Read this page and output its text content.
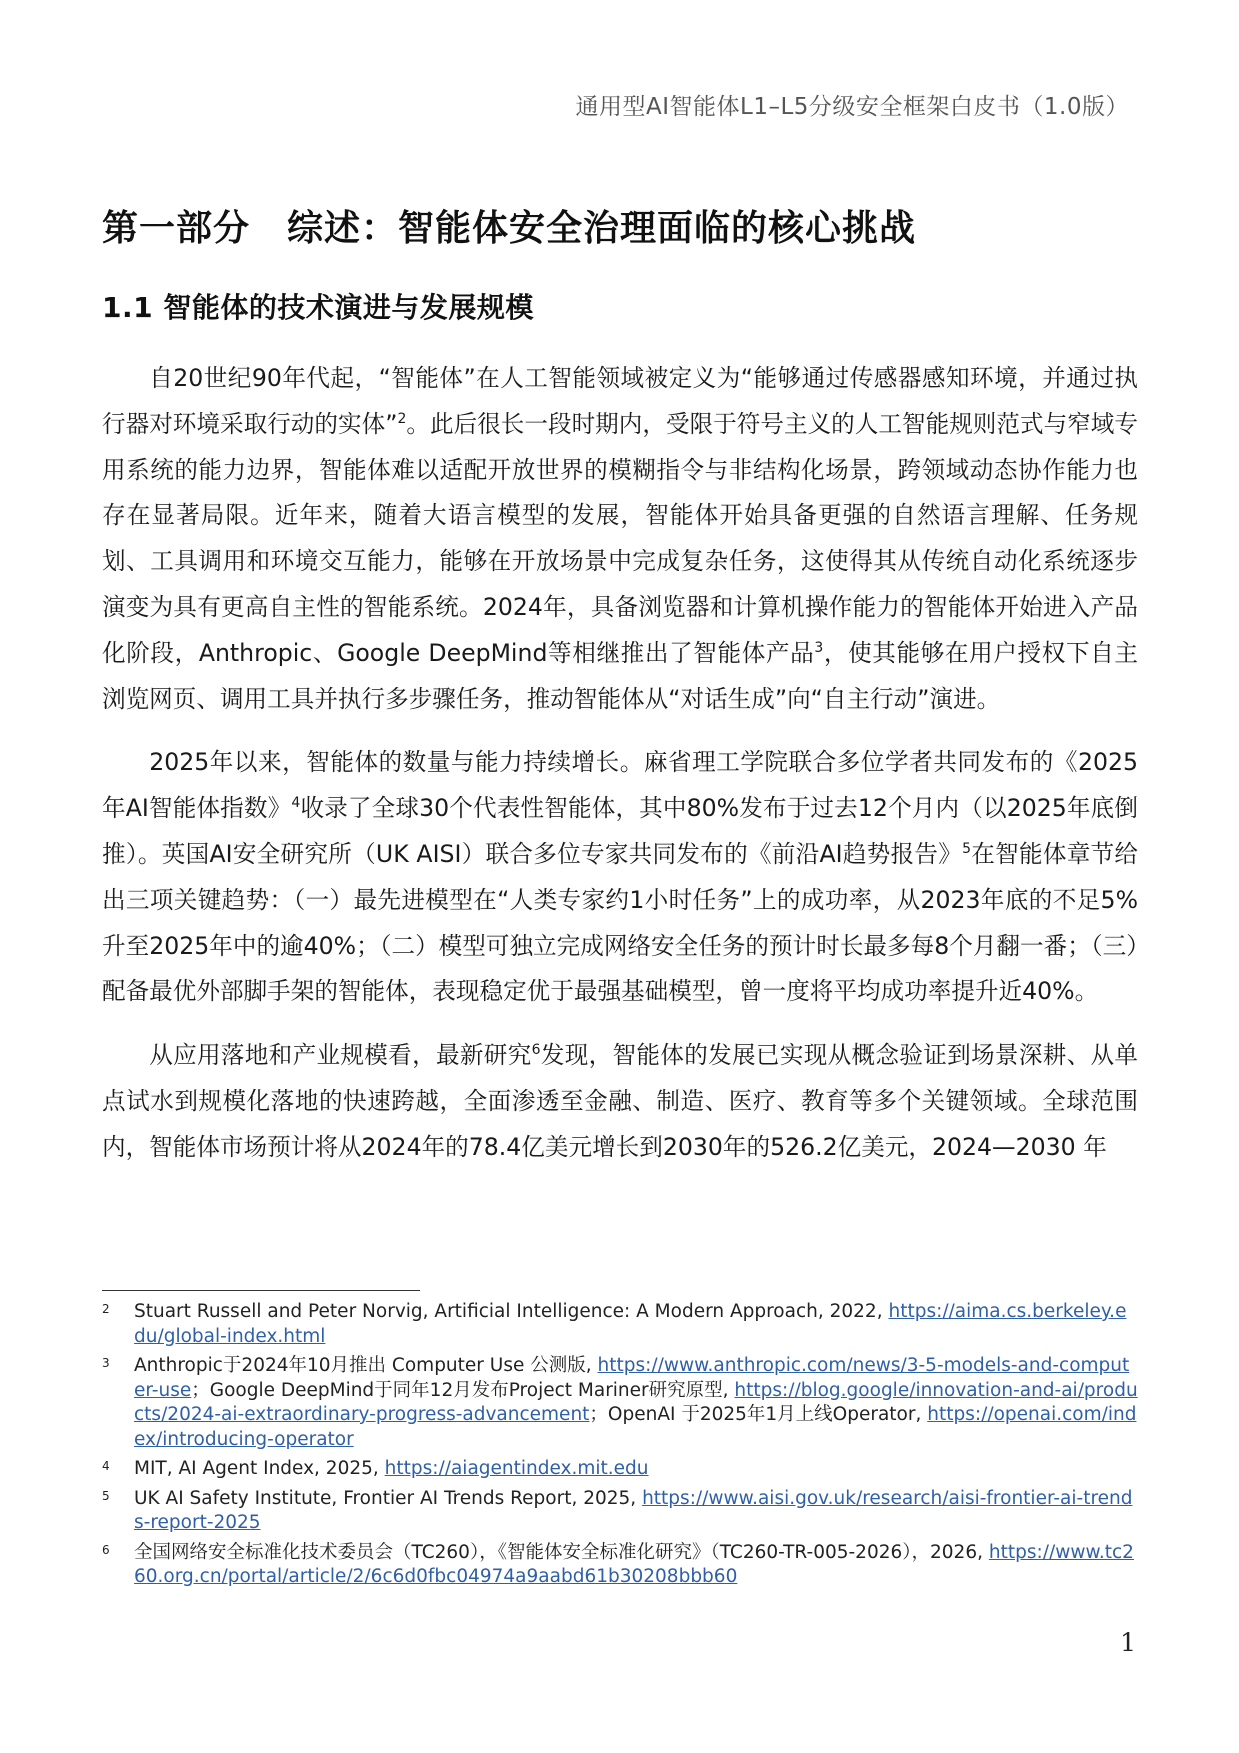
通用型AI智能体L1–L5分级安全框架白皮书（1.0版）
第一部分　综述：智能体安全治理面临的核心挑战
1.1 智能体的技术演进与发展规模

自20世纪90年代起，“智能体”在人工智能领域被定义为“能够通过传感器感知环境，并通过执行器对环境采取行动的实体”$^2$。此后很长一段时期内，受限于符号主义的人工智能规则范式与窄域专用系统的能力边界，智能体难以适配开放世界的模糊指令与非结构化场景，跨领域动态协作能力也存在显著局限。近年来，随着大语言模型的发展，智能体开始具备更强的自然语言理解、任务规划、工具调用和环境交互能力，能够在开放场景中完成复杂任务，这使得其从传统自动化系统逐步演变为具有更高自主性的智能系统。2024年，具备浏览器和计算机操作能力的智能体开始进入产品化阶段，Anthropic、Google DeepMind等相继推出了智能体产品$^3$，使其能够在用户授权下自主浏览网页、调用工具并执行多步骤任务，推动智能体从“对话生成”向“自主行动”演进。

2025年以来，智能体的数量与能力持续增长。麻省理工学院联合多位学者共同发布的《2025年AI智能体指数》$^4$收录了全球30个代表性智能体，其中80%发布于过去12个月内（以2025年底倒推）。英国AI安全研究所（UK AISI）联合多位专家共同发布的《前沿AI趋势报告》$^5$在智能体章节给出三项关键趋势：（一）最先进模型在“人类专家约1小时任务”上的成功率，从2023年底的不足5%升至2025年中的逾40%；（二）模型可独立完成网络安全任务的预计时长最多每8个月翻一番；（三）配备最优外部脚手架的智能体，表现稳定优于最强基础模型，曾一度将平均成功率提升近40%。

从应用落地和产业规模看，最新研究$^6$发现，智能体的发展已实现从概念验证到场景深耕、从单点试水到规模化落地的快速跨越，全面渗透至金融、制造、医疗、教育等多个关键领域。全球范围内，智能体市场预计将从2024年的78.4亿美元增长到2030年的526.2亿美元，2024—2030 年

2 Stuart Russell and Peter Norvig, Artificial Intelligence: A Modern Approach, 2022, https://aima.cs.berkeley.edu/global-index.html
3 Anthropic于2024年10月推出 Computer Use 公测版, https://www.anthropic.com/news/3-5-models-and-computer-use；Google DeepMind于同年12月发布Project Mariner研究原型, https://blog.google/innovation-and-ai/products/2024-ai-extraordinary-progress-advancement；OpenAI 于2025年1月上线Operator, https://openai.com/index/introducing-operator
4 MIT, AI Agent Index, 2025, https://aiagentindex.mit.edu
5 UK AI Safety Institute, Frontier AI Trends Report, 2025, https://www.aisi.gov.uk/research/aisi-frontier-ai-trends-report-2025
6 全国网络安全标准化技术委员会（TC260），《智能体安全标准化研究》（TC260-TR-005-2026），2026, https://www.tc260.org.cn/portal/article/2/6c6d0fbc04974a9aabd61b30208bbb60
1
